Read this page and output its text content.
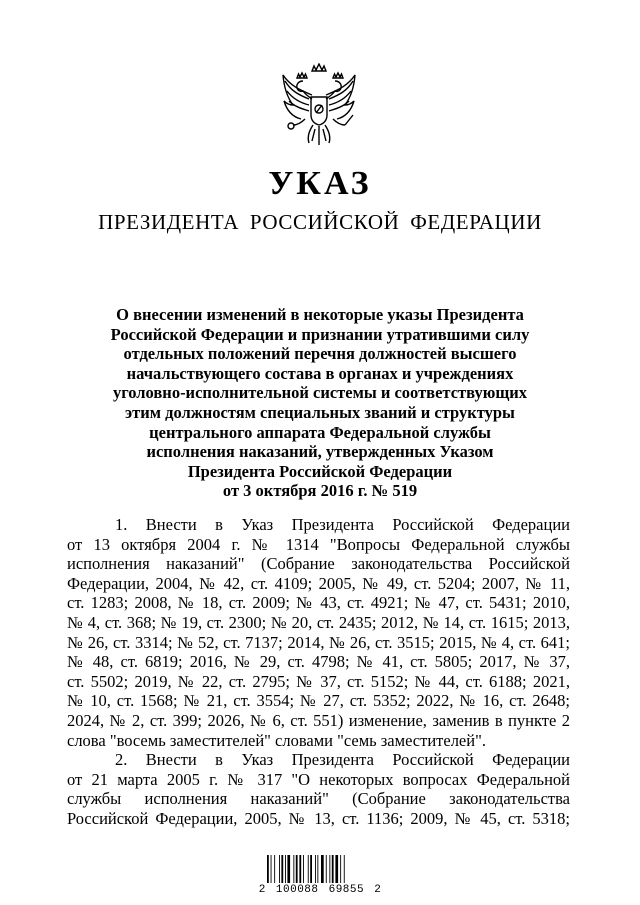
УКАЗ
ПРЕЗИДЕНТА РОССИЙСКОЙ ФЕДЕРАЦИИ
О внесении изменений в некоторые указы Президента
Российской Федерации и признании утратившими силу
отдельных положений перечня должностей высшего
начальствующего состава в органах и учреждениях
уголовно-исполнительной системы и соответствующих
этим должностям специальных званий и структуры
центрального аппарата Федеральной службы
исполнения наказаний, утвержденных Указом
Президента Российской Федерации
от 3 октября 2016 г. № 519
1. Внести в Указ Президента Российской Федерации
от 13 октября 2004 г. № 1314 "Вопросы Федеральной службы
исполнения наказаний" (Собрание законодательства Российской
Федерации, 2004, № 42, ст. 4109; 2005, № 49, ст. 5204; 2007, № 11,
ст. 1283; 2008, № 18, ст. 2009; № 43, ст. 4921; № 47, ст. 5431; 2010,
№ 4, ст. 368; № 19, ст. 2300; № 20, ст. 2435; 2012, № 14, ст. 1615; 2013,
№ 26, ст. 3314; № 52, ст. 7137; 2014, № 26, ст. 3515; 2015, № 4, ст. 641;
№ 48, ст. 6819; 2016, № 29, ст. 4798; № 41, ст. 5805; 2017, № 37,
ст. 5502; 2019, № 22, ст. 2795; № 37, ст. 5152; № 44, ст. 6188; 2021,
№ 10, ст. 1568; № 21, ст. 3554; № 27, ст. 5352; 2022, № 16, ст. 2648;
2024, № 2, ст. 399; 2026, № 6, ст. 551) изменение, заменив в пункте 2
слова "восемь заместителей" словами "семь заместителей".
2. Внести в Указ Президента Российской Федерации
от 21 марта 2005 г. № 317 "О некоторых вопросах Федеральной
службы исполнения наказаний" (Собрание законодательства
Российской Федерации, 2005, № 13, ст. 1136; 2009, № 45, ст. 5318;
2 100088 69855 2
